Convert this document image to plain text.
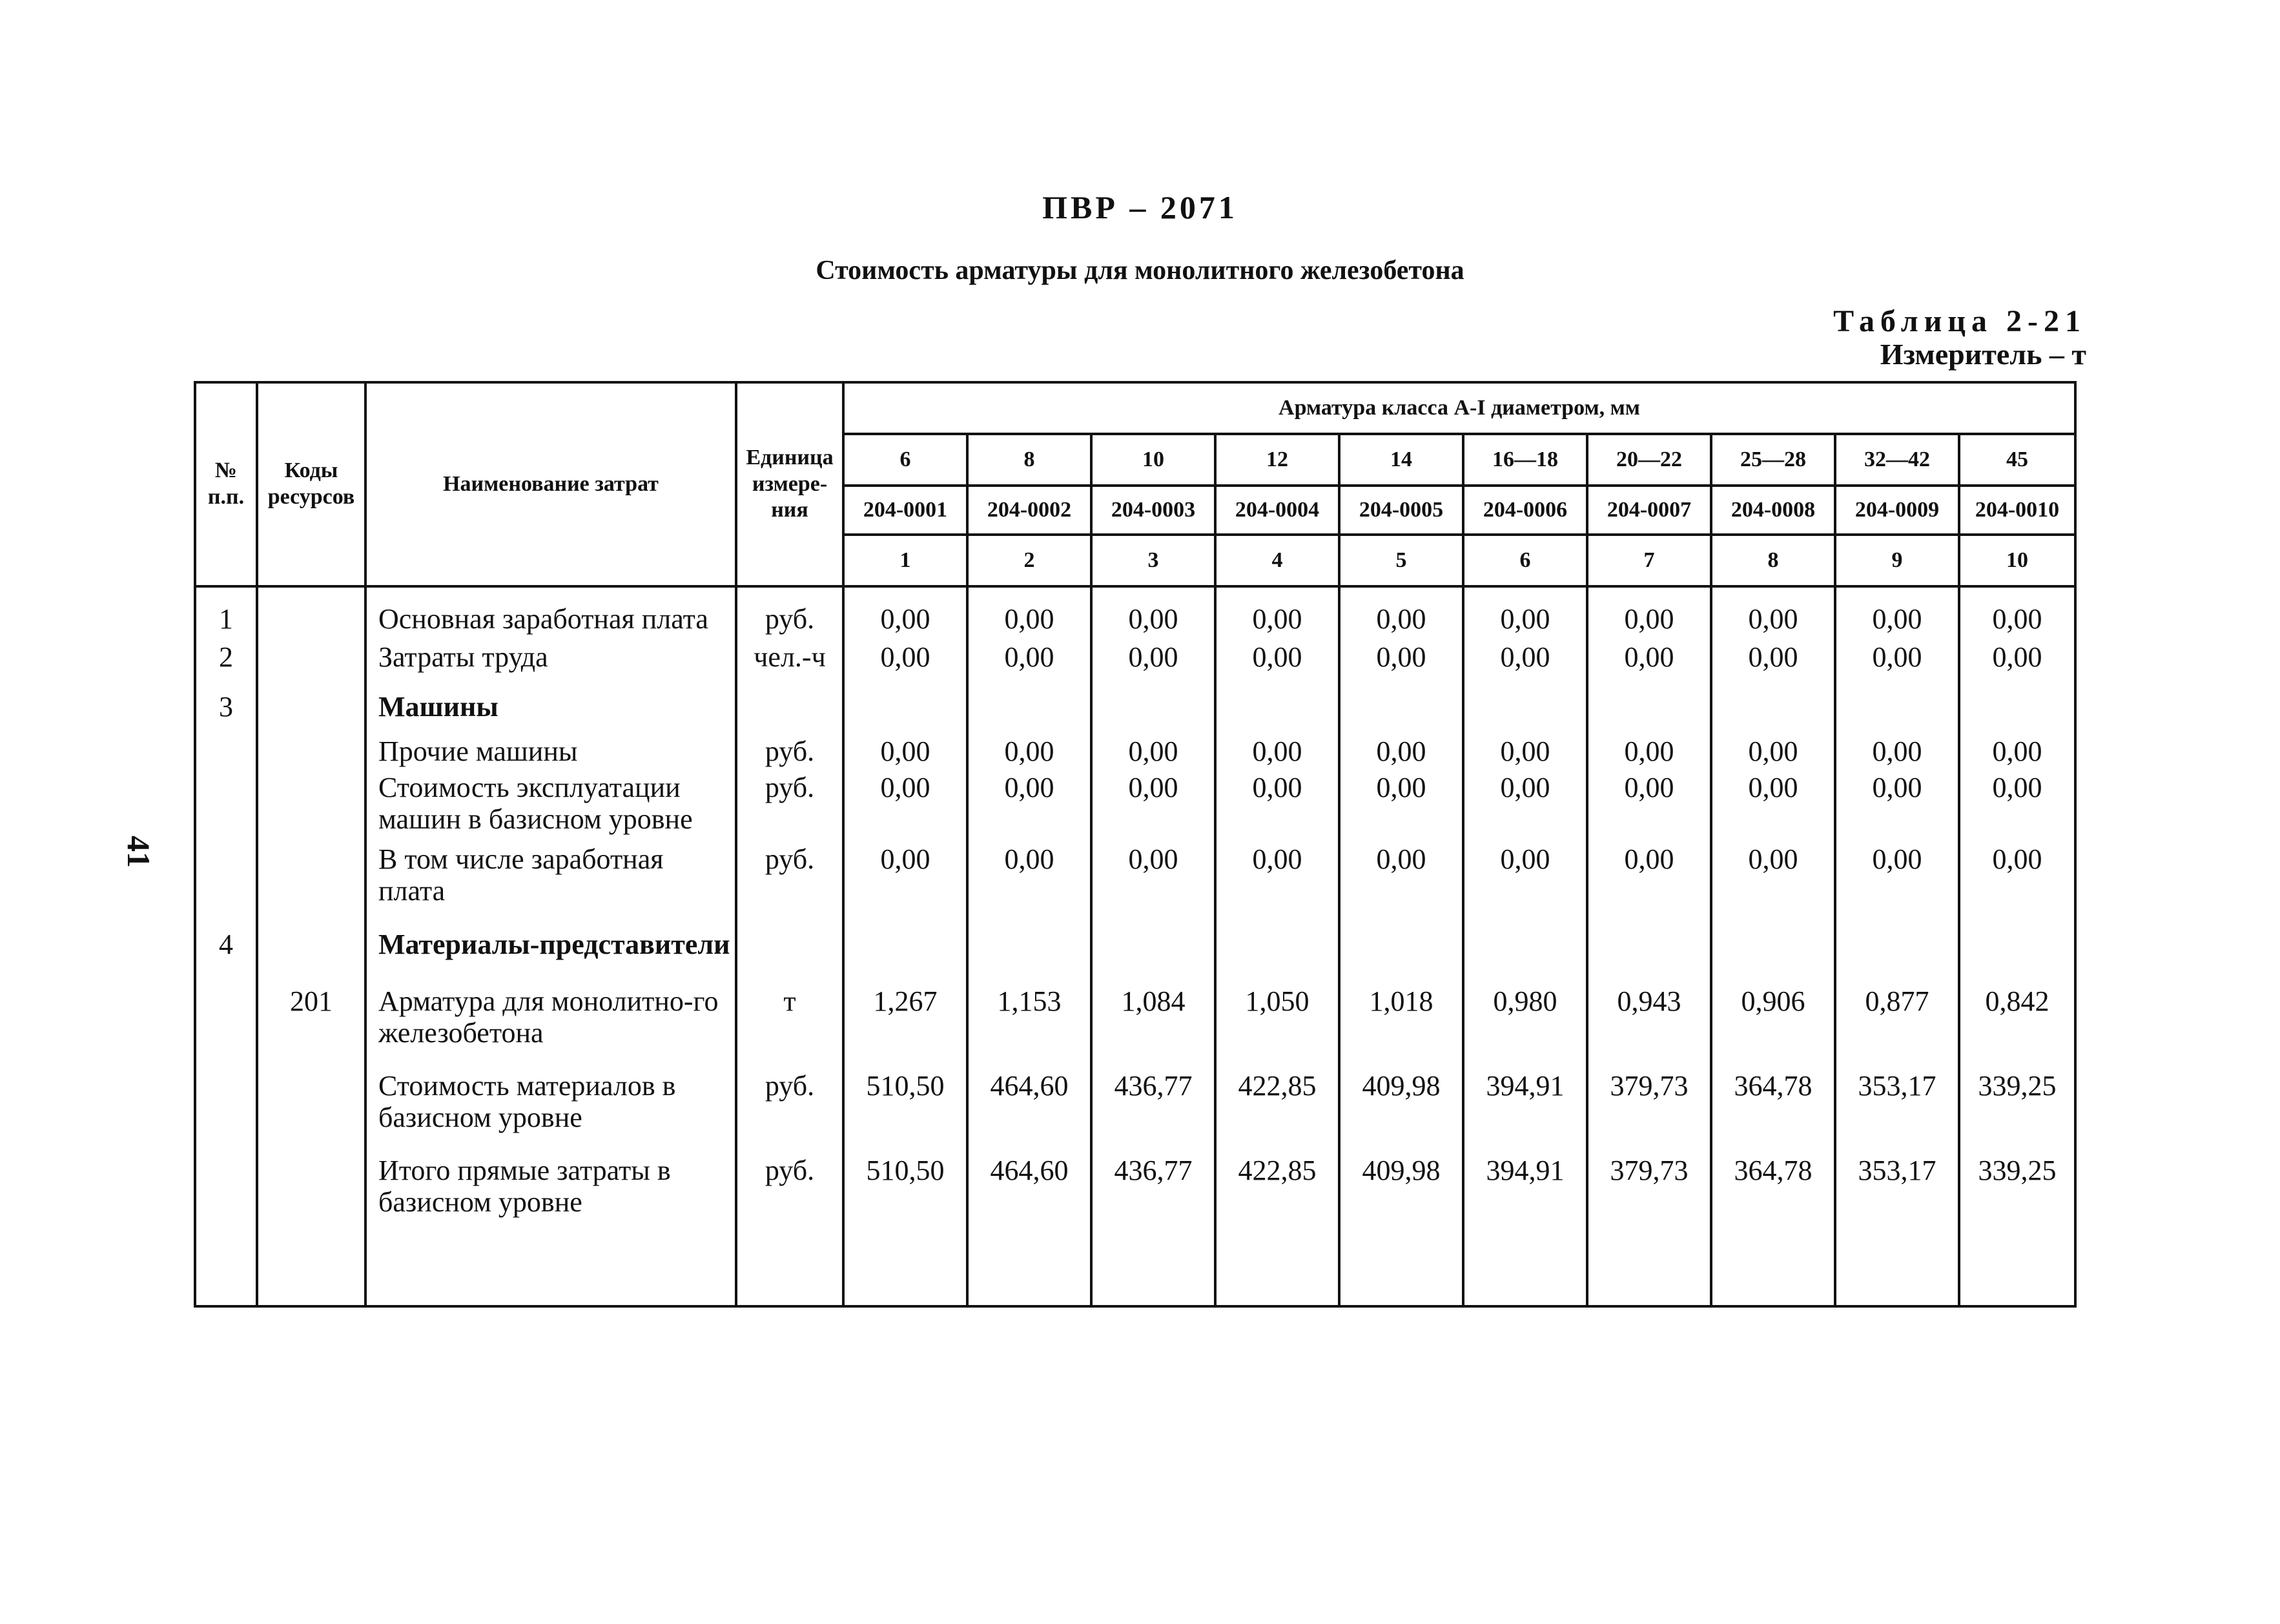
ПВР – 2071
Стоимость арматуры для монолитного железобетона
Таблица 2-21
Измеритель – т
41
№ п.п.	Коды ресурсов	Наименование затрат	Единица измере-ния	Арматура класса А-I диаметром, мм									
				6	8	10	12	14	16—18	20—22	25—28	32—42	45
				204-0001	204-0002	204-0003	204-0004	204-0005	204-0006	204-0007	204-0008	204-0009	204-0010
				1	2	3	4	5	6	7	8	9	10
1		Основная заработная плата	руб.	0,00	0,00	0,00	0,00	0,00	0,00	0,00	0,00	0,00	0,00
2		Затраты труда	чел.-ч	0,00	0,00	0,00	0,00	0,00	0,00	0,00	0,00	0,00	0,00
3		Машины											
		Прочие машины	руб.	0,00	0,00	0,00	0,00	0,00	0,00	0,00	0,00	0,00	0,00
		Стоимость эксплуатации машин в базисном уровне	руб.	0,00	0,00	0,00	0,00	0,00	0,00	0,00	0,00	0,00	0,00
		В том числе заработная плата	руб.	0,00	0,00	0,00	0,00	0,00	0,00	0,00	0,00	0,00	0,00
4		Материалы-представители											
	201	Арматура для монолитно-го железобетона	т	1,267	1,153	1,084	1,050	1,018	0,980	0,943	0,906	0,877	0,842
		Стоимость материалов в базисном уровне	руб.	510,50	464,60	436,77	422,85	409,98	394,91	379,73	364,78	353,17	339,25
		Итого прямые затраты в базисном уровне	руб.	510,50	464,60	436,77	422,85	409,98	394,91	379,73	364,78	353,17	339,25
